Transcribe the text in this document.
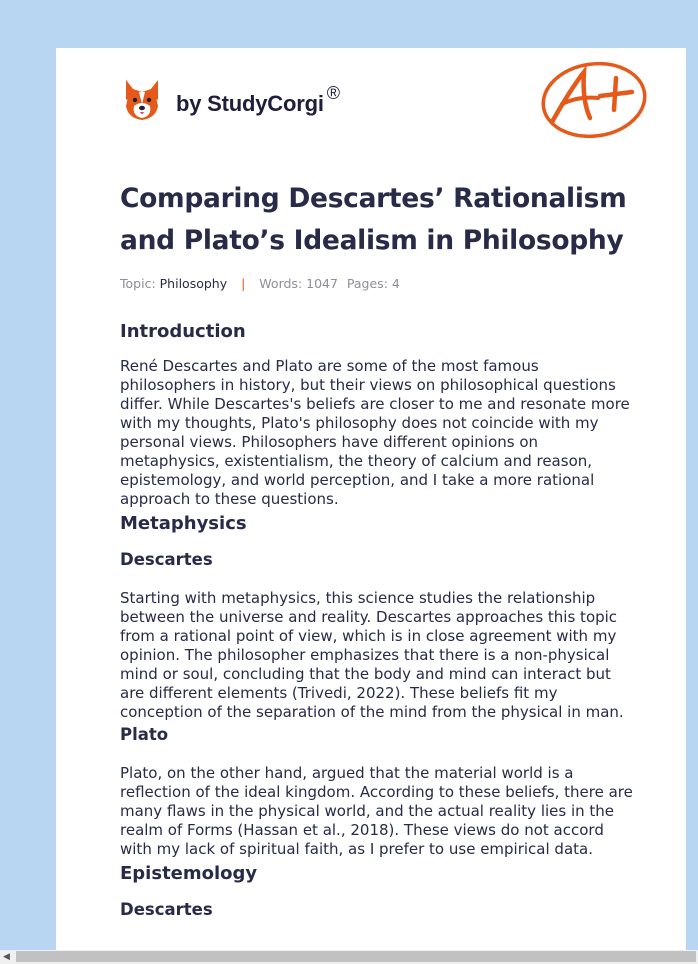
by StudyCorgi ®
Comparing Descartes’ Rationalism and Plato’s Idealism in Philosophy
Topic: Philosophy | Words: 1047 Pages: 4
Introduction

René Descartes and Plato are some of the most famous philosophers in history, but their views on philosophical questions differ. While Descartes's beliefs are closer to me and resonate more with my thoughts, Plato's philosophy does not coincide with my personal views. Philosophers have different opinions on metaphysics, existentialism, the theory of calcium and reason, epistemology, and world perception, and I take a more rational approach to these questions.

Metaphysics
Descartes

Starting with metaphysics, this science studies the relationship between the universe and reality. Descartes approaches this topic from a rational point of view, which is in close agreement with my opinion. The philosopher emphasizes that there is a non-physical mind or soul, concluding that the body and mind can interact but are different elements (Trivedi, 2022). These beliefs fit my conception of the separation of the mind from the physical in man.

Plato

Plato, on the other hand, argued that the material world is a reflection of the ideal kingdom. According to these beliefs, there are many flaws in the physical world, and the actual reality lies in the realm of Forms (Hassan et al., 2018). These views do not accord with my lack of spiritual faith, as I prefer to use empirical data.

Epistemology
Descartes
◀
